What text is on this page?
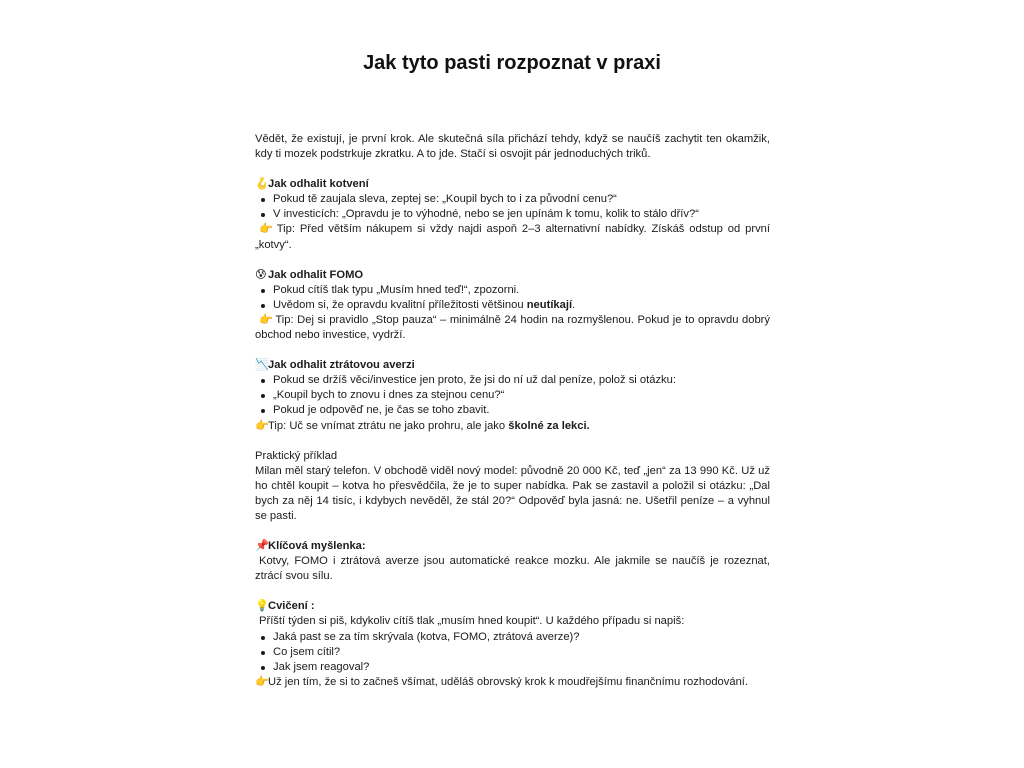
Jak tyto pasti rozpoznat v praxi

Vědět, že existují, je první krok. Ale skutečná síla přichází tehdy, když se naučíš zachytit ten okamžik, kdy ti mozek podstrkuje zkratku. A to jde. Stačí si osvojit pár jednoduchých triků.

🪝Jak odhalit kotvení

Pokud tě zaujala sleva, zeptej se: „Koupil bych to i za původní cenu?“
V investicích: „Opravdu je to výhodné, nebo se jen upínám k tomu, kolik to stálo dřív?“

👉 Tip: Před větším nákupem si vždy najdi aspoň 2–3 alternativní nabídky. Získáš odstup od první „kotvy“.

😰Jak odhalit FOMO

Pokud cítíš tlak typu „Musím hned teď!“, zpozorni.
Uvědom si, že opravdu kvalitní příležitosti většinou neutíkají.

👉 Tip: Dej si pravidlo „Stop pauza“ – minimálně 24 hodin na rozmyšlenou. Pokud je to opravdu dobrý obchod nebo investice, vydrží.

📉Jak odhalit ztrátovou averzi

Pokud se držíš věci/investice jen proto, že jsi do ní už dal peníze, polož si otázku:
„Koupil bych to znovu i dnes za stejnou cenu?“
Pokud je odpověď ne, je čas se toho zbavit.

👉Tip: Uč se vnímat ztrátu ne jako prohru, ale jako školné za lekci.

Praktický příklad

Milan měl starý telefon. V obchodě viděl nový model: původně 20 000 Kč, teď „jen“ za 13 990 Kč. Už už ho chtěl koupit – kotva ho přesvědčila, že je to super nabídka. Pak se zastavil a položil si otázku: „Dal bych za něj 14 tisíc, i kdybych nevěděl, že stál 20?“ Odpověď byla jasná: ne. Ušetřil peníze – a vyhnul se pasti.

📌Klíčová myšlenka:

Kotvy, FOMO i ztrátová averze jsou automatické reakce mozku. Ale jakmile se naučíš je rozeznat, ztrácí svou sílu.

💡Cvičení :

Příští týden si piš, kdykoliv cítíš tlak „musím hned koupit“. U každého případu si napiš:

Jaká past se za tím skrývala (kotva, FOMO, ztrátová averze)?
Co jsem cítil?
Jak jsem reagoval?

👉Už jen tím, že si to začneš všímat, uděláš obrovský krok k moudřejšímu finančnímu rozhodování.
